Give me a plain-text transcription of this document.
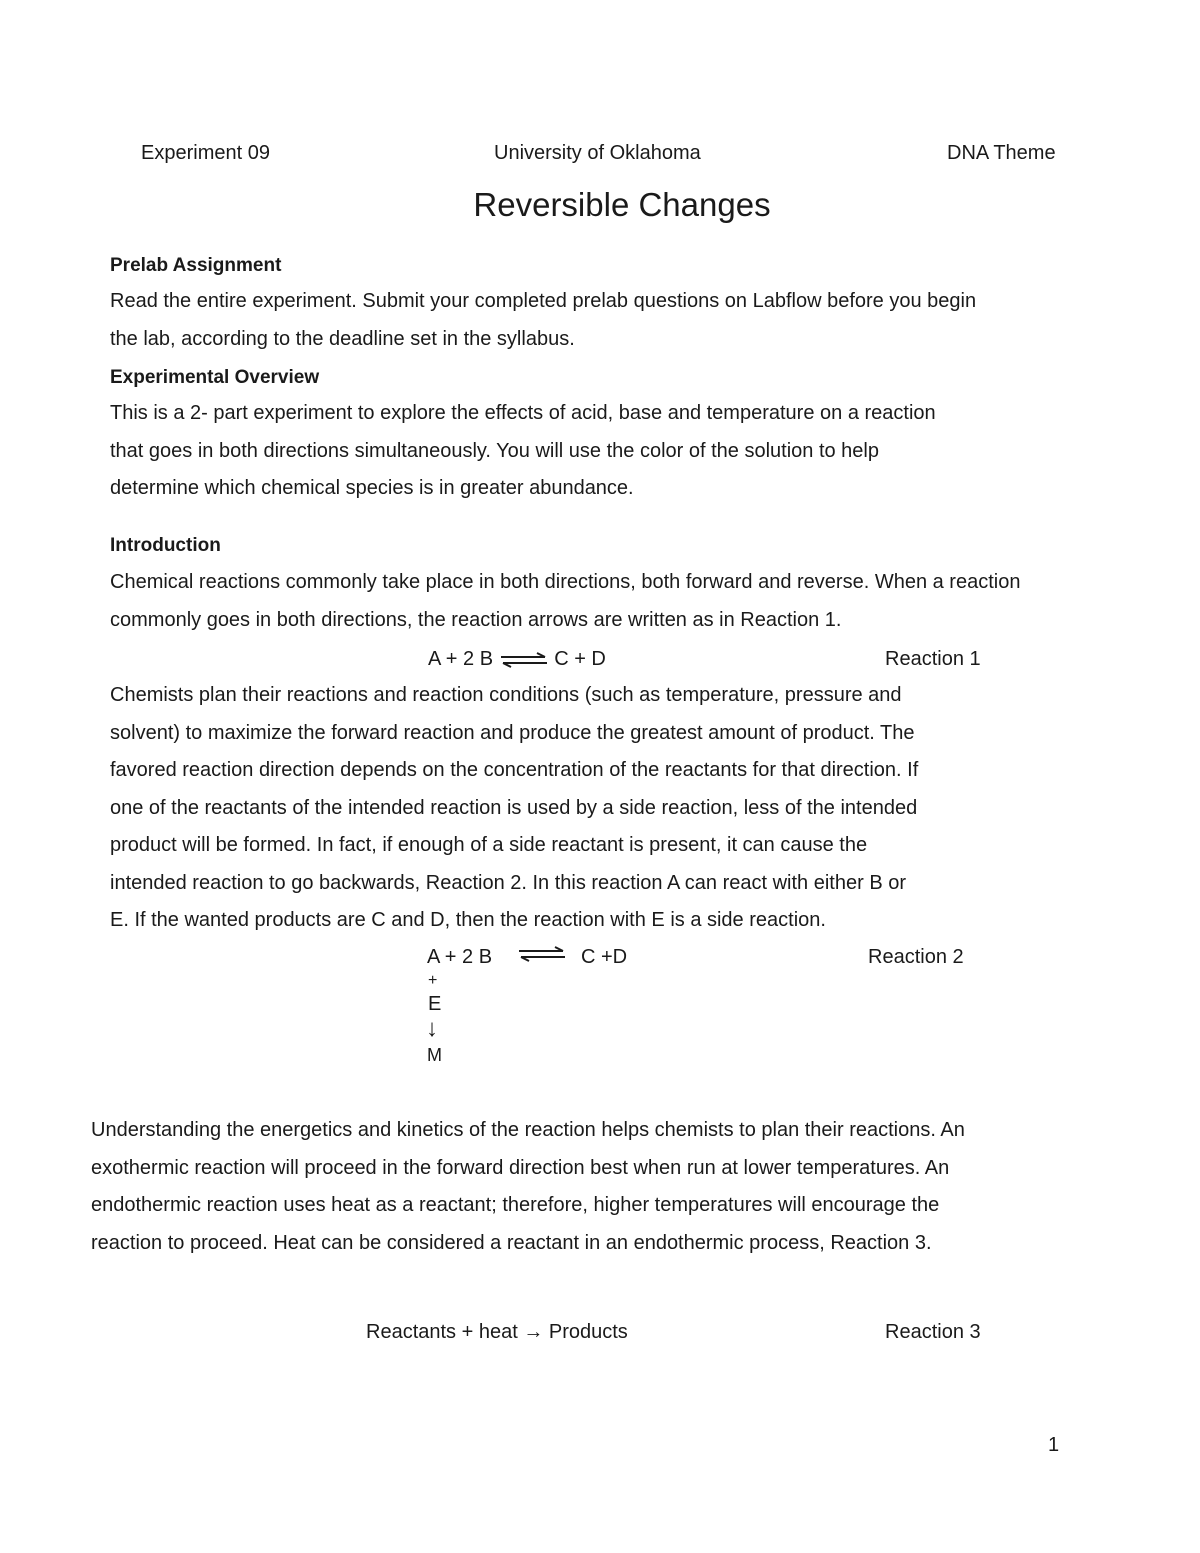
Experiment 09	University of Oklahoma	DNA Theme
Reversible Changes
Prelab Assignment
Read the entire experiment. Submit your completed prelab questions on Labflow before you begin
the lab, according to the deadline set in the syllabus.
Experimental Overview
This is a 2- part experiment to explore the effects of acid, base and temperature on a reaction
that goes in both directions simultaneously. You will use the color of the solution to help
determine which chemical species is in greater abundance.
Introduction
Chemical reactions commonly take place in both directions, both forward and reverse. When a reaction
commonly goes in both directions, the reaction arrows are written as in Reaction 1.
A + 2 B ⇌ C + D	Reaction 1
Chemists plan their reactions and reaction conditions (such as temperature, pressure and
solvent) to maximize the forward reaction and produce the greatest amount of product. The
favored reaction direction depends on the concentration of the reactants for that direction. If
one of the reactants of the intended reaction is used by a side reaction, less of the intended
product will be formed. In fact, if enough of a side reactant is present, it can cause the
intended reaction to go backwards, Reaction 2. In this reaction A can react with either B or
E. If the wanted products are C and D, then the reaction with E is a side reaction.
A + 2 B ⇌ C +D	Reaction 2
+
E
↓
M
Understanding the energetics and kinetics of the reaction helps chemists to plan their reactions. An
exothermic reaction will proceed in the forward direction best when run at lower temperatures. An
endothermic reaction uses heat as a reactant; therefore, higher temperatures will encourage the
reaction to proceed. Heat can be considered a reactant in an endothermic process, Reaction 3.
Reactants + heat → Products	Reaction 3
1
